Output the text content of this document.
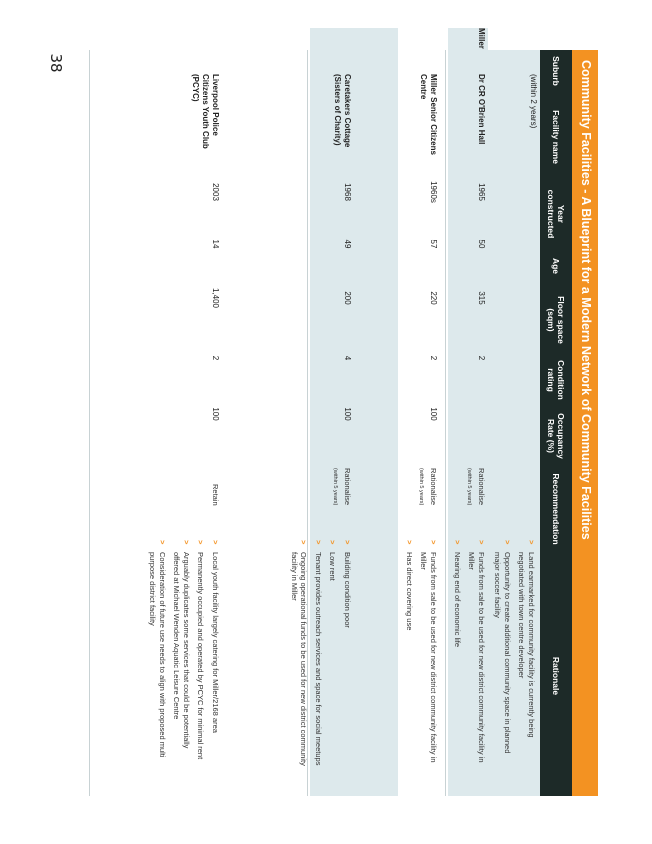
38	Community Facilities - A Blueprint for a Modern Network of Community Facilities
Suburb
Facility name
Year constructed
Age
Floor space (sqm)
Condition rating
Occupancy Rate (%)
Recommendation
Rationale
(within 2 years)
>
Land earmarked for community facility is currently being negotiated with town centre developer
>
Opportunity to create additional community space in planned major soccer facility
Miller
Dr CR O'Brien Hall
1965
50
315
2
Rationalise
(within 5 years)
>
Funds from sale to be used for new district community facility in Miller
>
Nearing end of economic life
Miller Senior Citizens Centre
1960s
57
220
2
100
Rationalise
(within 5 years)
>
Funds from sale to be used for new district community facility in Miller
>
Has direct covering use
Caretakers Cottage (Sisters of Charity)
1968
49
200
4
100
Rationalise
(within 5 years)
>
Building condition poor
>
Low rent
>
Tenant provides outreach services and space for social meetups
>
Ongoing operational funds to be used for new district community facility in Miller
Liverpool Police Citizens Youth Club (PCYC)
2003
14
1,400
2
100
Retain
>
Local youth facility largely catering for Miller/2168 area
>
Permanently occupied and operated by PCYC for minimal rent
>
Arguably duplicates some services that could be potentially offered at Michael Wenden Aquatic Leisure Centre
>
Consideration of future use needs to align with proposed multi purpose district facility
